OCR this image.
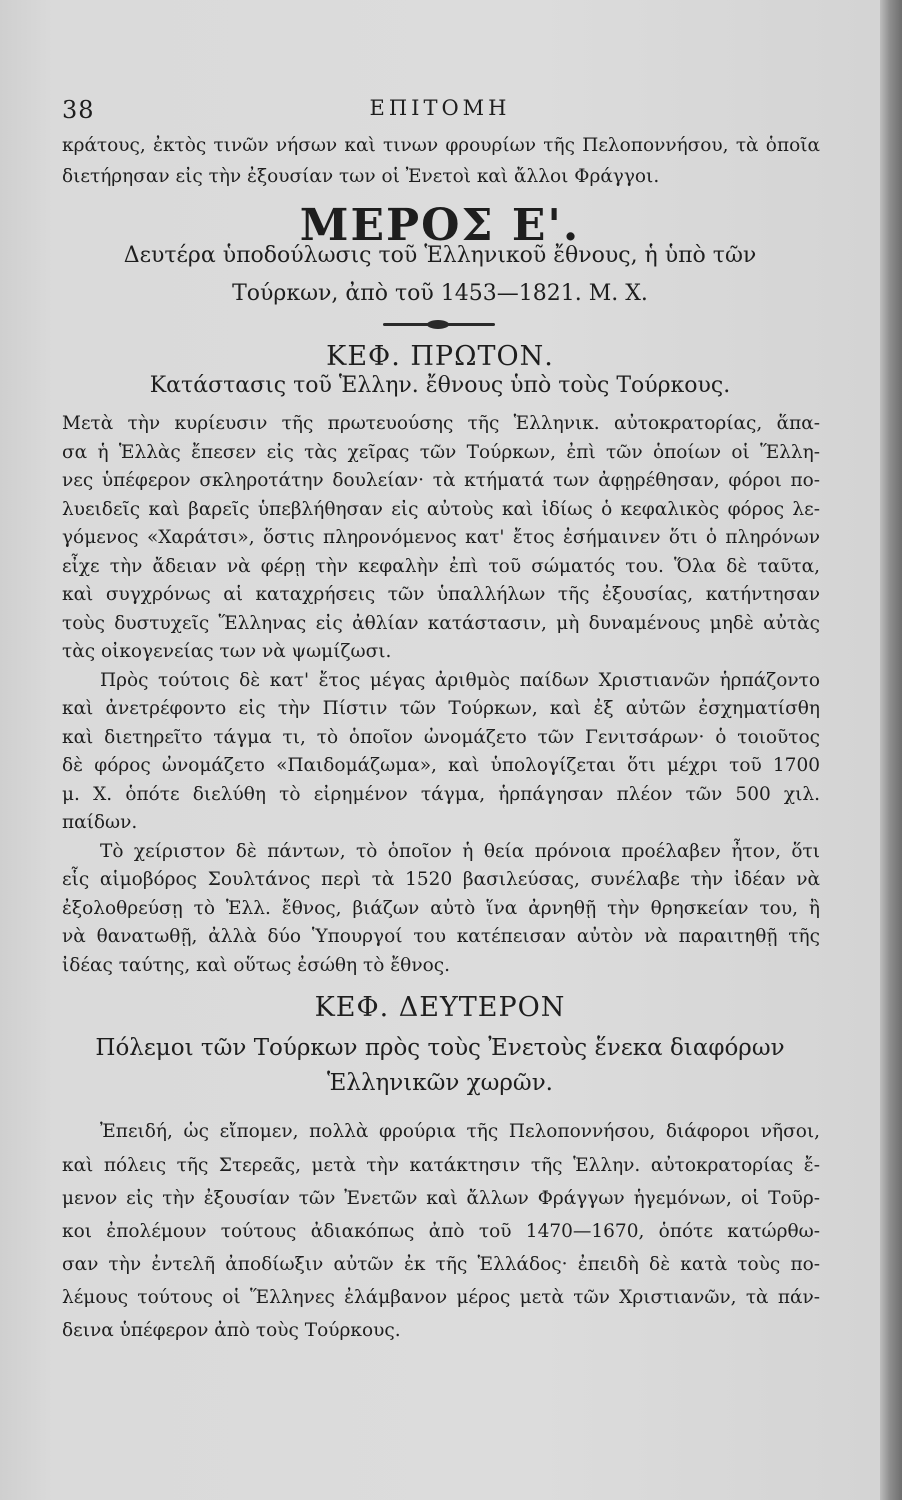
38	ΕΠΙΤΟΜΗ
κράτους, ἐκτὸς τινῶν νήσων καὶ τινων φρουρίων τῆς Πελοποννήσου, τὰ ὁποῖα
διετήρησαν εἰς τὴν ἐξουσίαν των οἱ Ἐνετοὶ καὶ ἄλλοι Φράγγοι.
ΜΕΡΟΣ Ε'.
Δευτέρα ὑποδούλωσις τοῦ Ἑλληνικοῦ ἔθνους, ἡ ὑπὸ τῶν
Τούρκων, ἀπὸ τοῦ 1453—1821. Μ. Χ.
ΚΕΦ. ΠΡΩΤΟΝ.
Κατάστασις τοῦ Ἑλλην. ἔθνους ὑπὸ τοὺς Τούρκους.
Μετὰ τὴν κυρίευσιν τῆς πρωτευούσης τῆς Ἑλληνικ. αὐτοκρατορίας, ἅπα-
σα ἡ Ἑλλὰς ἔπεσεν εἰς τὰς χεῖρας τῶν Τούρκων, ἐπὶ τῶν ὁποίων οἱ Ἕλλη-
νες ὑπέφερον σκληροτάτην δουλείαν· τὰ κτήματά των ἀφῃρέθησαν, φόροι πο-
λυειδεῖς καὶ βαρεῖς ὑπεβλήθησαν εἰς αὐτοὺς καὶ ἰδίως ὁ κεφαλικὸς φόρος λε-
γόμενος «Χαράτσι», ὅστις πληρονόμενος κατ' ἔτος ἐσήμαινεν ὅτι ὁ πληρόνων
εἶχε τὴν ἄδειαν νὰ φέρῃ τὴν κεφαλὴν ἐπὶ τοῦ σώματός του. Ὅλα δὲ ταῦτα,
καὶ συγχρόνως αἱ καταχρήσεις τῶν ὑπαλλήλων τῆς ἐξουσίας, κατήντησαν
τοὺς δυστυχεῖς Ἕλληνας εἰς ἀθλίαν κατάστασιν, μὴ δυναμένους μηδὲ αὐτὰς
τὰς οἰκογενείας των νὰ ψωμίζωσι.
Πρὸς τούτοις δὲ κατ' ἔτος μέγας ἀριθμὸς παίδων Χριστιανῶν ἡρπάζοντο
καὶ ἀνετρέφοντο εἰς τὴν Πίστιν τῶν Τούρκων, καὶ ἐξ αὐτῶν ἐσχηματίσθη
καὶ διετηρεῖτο τάγμα τι, τὸ ὁποῖον ὠνομάζετο τῶν Γενιτσάρων· ὁ τοιοῦτος
δὲ φόρος ὠνομάζετο «Παιδομάζωμα», καὶ ὑπολογίζεται ὅτι μέχρι τοῦ 1700
μ. Χ. ὁπότε διελύθη τὸ εἰρημένον τάγμα, ἡρπάγησαν πλέον τῶν 500 χιλ.
παίδων.
Τὸ χείριστον δὲ πάντων, τὸ ὁποῖον ἡ θεία πρόνοια προέλαβεν ἦτον, ὅτι
εἷς αἱμοβόρος Σουλτάνος περὶ τὰ 1520 βασιλεύσας, συνέλαβε τὴν ἰδέαν νὰ
ἐξολοθρεύσῃ τὸ Ἑλλ. ἔθνος, βιάζων αὐτὸ ἵνα ἀρνηθῇ τὴν θρησκείαν του, ἢ
ΚΕΦ. ΔΕΥΤΕΡΟΝ
Πόλεμοι τῶν Τούρκων πρὸς τοὺς Ἐνετοὺς ἕνεκα διαφόρων
Ἑλληνικῶν χωρῶν.
Ἐπειδή, ὡς εἴπομεν, πολλὰ φρούρια τῆς Πελοποννήσου, διάφοροι νῆσοι,
καὶ πόλεις τῆς Στερεᾶς, μετὰ τὴν κατάκτησιν τῆς Ἑλλην. αὐτοκρατορίας ἔ-
μενον εἰς τὴν ἐξουσίαν τῶν Ἐνετῶν καὶ ἄλλων Φράγγων ἡγεμόνων, οἱ Τοῦρ-
κοι ἐπολέμουν τούτους ἀδιακόπως ἀπὸ τοῦ 1470—1670, ὁπότε κατώρθω-
σαν τὴν ἐντελῆ ἀποδίωξιν αὐτῶν ἐκ τῆς Ἑλλάδος· ἐπειδὴ δὲ κατὰ τοὺς πο-
λέμους τούτους οἱ Ἕλληνες ἐλάμβανον μέρος μετὰ τῶν Χριστιανῶν, τὰ πάν-
δεινα ὑπέφερον ἀπὸ τοὺς Τούρκους.
νὰ θανατωθῇ, ἀλλὰ δύο Ὑπουργοί του κατέπεισαν αὐτὸν νὰ παραιτηθῇ τῆς
ἰδέας ταύτης, καὶ οὕτως ἐσώθη τὸ ἔθνος.
